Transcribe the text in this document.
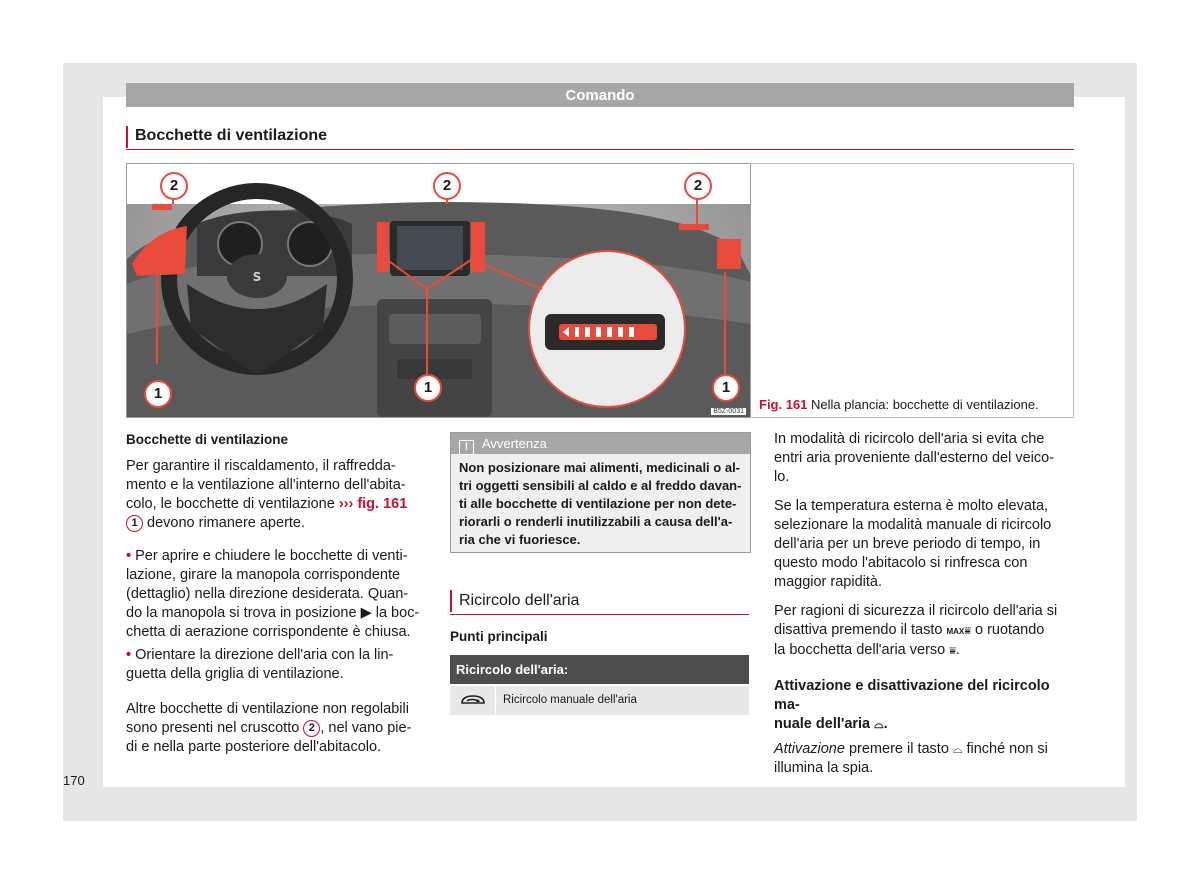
Comando
Bocchette di ventilazione
S
2	2	2
1	1	1
B5Z-0031 Fig. 161 Nella plancia: bocchette di ventilazione.

Bocchette di ventilazione

Per garantire il riscaldamento, il raffredda-
mento e la ventilazione all'interno dell'abita-
colo, le bocchette di ventilazione ››› fig. 161
1 devono rimanere aperte.

• Per aprire e chiudere le bocchette di venti-
lazione, girare la manopola corrispondente
(dettaglio) nella direzione desiderata. Quan-
do la manopola si trova in posizione ▶ la boc-
chetta di aerazione corrispondente è chiusa.

• Orientare la direzione dell'aria con la lin-
guetta della griglia di ventilazione.

Altre bocchette di ventilazione non regolabili
sono presenti nel cruscotto 2 , nel vano pie-
di e nella parte posteriore dell'abitacolo.

! Avvertenza
Non posizionare mai alimenti, medicinali o al-
tri oggetti sensibili al caldo e al freddo davan-
ti alle bocchette di ventilazione per non dete-
riorarli o renderli inutilizzabili a causa dell'a-
ria che vi fuoriesce.
Ricircolo dell'aria
Punti principali
Ricircolo dell'aria:
Ricircolo manuale dell'aria

In modalità di ricircolo dell'aria si evita che
entri aria proveniente dall'esterno del veico-
lo.

Se la temperatura esterna è molto elevata,
selezionare la modalità manuale di ricircolo
dell'aria per un breve periodo di tempo, in
questo modo l'abitacolo si rinfresca con
maggior rapidità.

Per ragioni di sicurezza il ricircolo dell'aria si
disattiva premendo il tasto MAX⩸ o ruotando
la bocchetta dell'aria verso ⩸.

Attivazione e disattivazione del ricircolo ma-
nuale dell'aria ⌓.

Attivazione premere il tasto ⌓ finché non si
illumina la spia.

170
